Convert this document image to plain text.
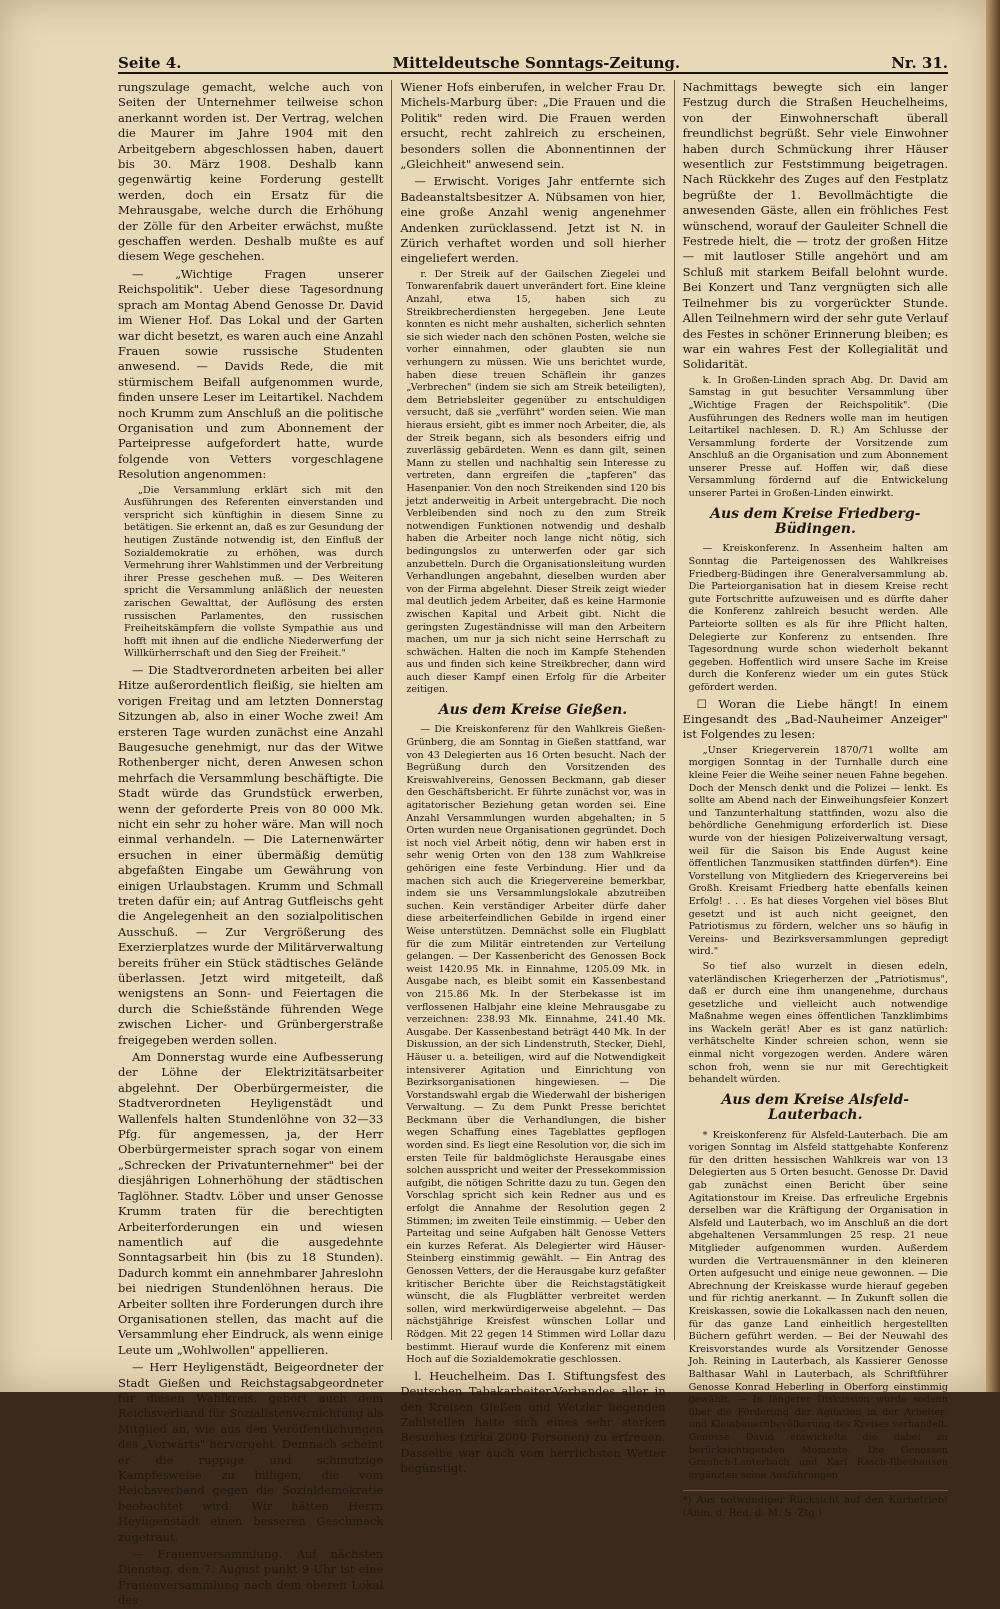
Seite 4.	Mitteldeutsche Sonntags-Zeitung.	Nr. 31.

rungszulage gemacht, welche auch von Seiten der Unternehmer teilweise schon anerkannt worden ist. Der Vertrag, welchen die Maurer im Jahre 1904 mit den Arbeitgebern abgeschlossen haben, dauert bis 30. März 1908. Deshalb kann gegenwärtig keine Forderung gestellt werden, doch ein Ersatz für die Mehrausgabe, welche durch die Erhöhung der Zölle für den Arbeiter erwächst, mußte geschaffen werden. Deshalb mußte es auf diesem Wege geschehen.

— „Wichtige Fragen unserer Reichspolitik". Ueber diese Tagesordnung sprach am Montag Abend Genosse Dr. David im Wiener Hof. Das Lokal und der Garten war dicht besetzt, es waren auch eine Anzahl Frauen sowie russische Studenten anwesend. — Davids Rede, die mit stürmischem Beifall aufgenommen wurde, finden unsere Leser im Leitartikel. Nachdem noch Krumm zum Anschluß an die politische Organisation und zum Abonnement der Parteipresse aufgefordert hatte, wurde folgende von Vetters vorgeschlagene Resolution angenommen:

„Die Versammlung erklärt sich mit den Ausführungen des Referenten einverstanden und verspricht sich künftighin in diesem Sinne zu betätigen. Sie erkennt an, daß es zur Gesundung der heutigen Zustände notwendig ist, den Einfluß der Sozialdemokratie zu erhöhen, was durch Vermehrung ihrer Wahlstimmen und der Verbreitung ihrer Presse geschehen muß. — Des Weiteren spricht die Versammlung anläßlich der neuesten zarischen Gewalttat, der Auflösung des ersten russischen Parlamentes, den russischen Freiheitskämpfern die vollste Sympathie aus und hofft mit ihnen auf die endliche Niederwerfung der Willkürherrschaft und den Sieg der Freiheit."

— Die Stadtverordneten arbeiten bei aller Hitze außerordentlich fleißig, sie hielten am vorigen Freitag und am letzten Donnerstag Sitzungen ab, also in einer Woche zwei! Am ersteren Tage wurden zunächst eine Anzahl Baugesuche genehmigt, nur das der Witwe Rothenberger nicht, deren Anwesen schon mehrfach die Versammlung beschäftigte. Die Stadt würde das Grundstück erwerben, wenn der geforderte Preis von 80 000 Mk. nicht ein sehr zu hoher wäre. Man will noch einmal verhandeln. — Die Laternenwärter ersuchen in einer übermäßig demütig abgefaßten Eingabe um Gewährung von einigen Urlaubstagen. Krumm und Schmall treten dafür ein; auf Antrag Gutfleischs geht die Angelegenheit an den sozialpolitischen Ausschuß. — Zur Vergrößerung des Exerzierplatzes wurde der Militärverwaltung bereits früher ein Stück städtisches Gelände überlassen. Jetzt wird mitgeteilt, daß wenigstens an Sonn- und Feiertagen die durch die Schießstände führenden Wege zwischen Licher- und Grünbergerstraße freigegeben werden sollen.

Am Donnerstag wurde eine Aufbesserung der Löhne der Elektrizitätsarbeiter abgelehnt. Der Oberbürgermeister, die Stadtverordneten Heyligenstädt und Wallenfels halten Stundenlöhne von 32—33 Pfg. für angemessen, ja, der Herr Oberbürgermeister sprach sogar von einem „Schrecken der Privatunternehmer" bei der diesjährigen Lohnerhöhung der städtischen Taglöhner. Stadtv. Löber und unser Genosse Krumm traten für die berechtigten Arbeiterforderungen ein und wiesen namentlich auf die ausgedehnte Sonntagsarbeit hin (bis zu 18 Stunden). Dadurch kommt ein annehmbarer Jahreslohn bei niedrigen Stundenlöhnen heraus. Die Arbeiter sollten ihre Forderungen durch ihre Organisationen stellen, das macht auf die Versammlung eher Eindruck, als wenn einige Leute um „Wohlwollen" appellieren.

— Herr Heyligenstädt, Beigeordneter der Stadt Gießen und Reichstagsabgeordneter für diesen Wahlkreis, gehört auch dem Reichsverband für Sozialistenvernichtung als Mitglied an, wie aus den Veröffentlichungen des „Vorwärts" hervorgeht. Demnach scheint er die ruppige und schmutzige Kampfesweise zu billigen, die vom Reichsverband gegen die Sozialdemokratie beobachtet wird. Wir hätten Herrn Heyligenstädt einen besseren Geschmack zugetraut.

— Frauenversammlung. Auf nächsten Dienstag, den 7. August punkt 9 Uhr ist eine Frauenversammlung nach dem oberen Lokal des

Wiener Hofs einberufen, in welcher Frau Dr. Michels-Marburg über: „Die Frauen und die Politik" reden wird. Die Frauen werden ersucht, recht zahlreich zu erscheinen, besonders sollen die Abonnentinnen der „Gleichheit" anwesend sein.

— Erwischt. Voriges Jahr entfernte sich Badeanstaltsbesitzer A. Nübsamen von hier, eine große Anzahl wenig angenehmer Andenken zurücklassend. Jetzt ist N. in Zürich verhaftet worden und soll hierher eingeliefert werden.

r. Der Streik auf der Gailschen Ziegelei und Tonwarenfabrik dauert unverändert fort. Eine kleine Anzahl, etwa 15, haben sich zu Streikbrecherdiensten hergegeben. Jene Leute konnten es nicht mehr aushalten, sicherlich sehnten sie sich wieder nach den schönen Posten, welche sie vorher einnahmen, oder glaubten sie nun verhungern zu müssen. Wie uns berichtet wurde, haben diese treuen Schäflein ihr ganzes „Verbrechen" (indem sie sich am Streik beteiligten), dem Betriebsleiter gegenüber zu entschuldigen versucht, daß sie „verführt" worden seien. Wie man hieraus ersieht, gibt es immer noch Arbeiter, die, als der Streik begann, sich als besonders eifrig und zuverlässig gebärdeten. Wenn es dann gilt, seinen Mann zu stellen und nachhaltig sein Interesse zu vertreten, dann ergreifen die „tapferen" das Hasenpanier. Von den noch Streikenden sind 120 bis jetzt anderweitig in Arbeit untergebracht. Die noch Verbleibenden sind noch zu den zum Streik notwendigen Funktionen notwendig und deshalb haben die Arbeiter noch lange nicht nötig, sich bedingungslos zu unterwerfen oder gar sich anzubetteln. Durch die Organisationsleitung wurden Verhandlungen angebahnt, dieselben wurden aber von der Firma abgelehnt. Dieser Streik zeigt wieder mal deutlich jedem Arbeiter, daß es keine Harmonie zwischen Kapital und Arbeit gibt. Nicht die geringsten Zugeständnisse will man den Arbeitern machen, um nur ja sich nicht seine Herrschaft zu schwächen. Halten die noch im Kampfe Stehenden aus und finden sich keine Streikbrecher, dann wird auch dieser Kampf einen Erfolg für die Arbeiter zeitigen.

Aus dem Kreise Gießen.

— Die Kreiskonferenz für den Wahlkreis Gießen-Grünberg, die am Sonntag in Gießen stattfand, war von 43 Delegierten aus 16 Orten besucht. Nach der Begrüßung durch den Vorsitzenden des Kreiswahlvereins, Genossen Beckmann, gab dieser den Geschäftsbericht. Er führte zunächst vor, was in agitatorischer Beziehung getan worden sei. Eine Anzahl Versammlungen wurden abgehalten; in 5 Orten wurden neue Organisationen gegründet. Doch ist noch viel Arbeit nötig, denn wir haben erst in sehr wenig Orten von den 138 zum Wahlkreise gehörigen eine feste Verbindung. Hier und da machen sich auch die Kriegervereine bemerkbar, indem sie uns Versammlungslokale abzutreiben suchen. Kein verständiger Arbeiter dürfe daher diese arbeiterfeindlichen Gebilde in irgend einer Weise unterstützen. Demnächst solle ein Flugblatt für die zum Militär eintretenden zur Verteilung gelangen. — Der Kassenbericht des Genossen Bock weist 1420.95 Mk. in Einnahme, 1205.09 Mk. in Ausgabe nach, es bleibt somit ein Kassenbestand von 215.86 Mk. In der Sterbekasse ist im verflossenen Halbjahr eine kleine Mehrausgabe zu verzeichnen: 238.93 Mk. Einnahme, 241.40 Mk. Ausgabe. Der Kassenbestand beträgt 440 Mk. In der Diskussion, an der sich Lindenstruth, Stecker, Diehl, Häuser u. a. beteiligen, wird auf die Notwendigkeit intensiverer Agitation und Einrichtung von Bezirksorganisationen hingewiesen. — Die Vorstandswahl ergab die Wiederwahl der bisherigen Verwaltung. — Zu dem Punkt Presse berichtet Beckmann über die Verhandlungen, die bisher wegen Schaffung eines Tageblattes gepflogen worden sind. Es liegt eine Resolution vor, die sich im ersten Teile für baldmöglichste Herausgabe eines solchen ausspricht und weiter der Pressekommission aufgibt, die nötigen Schritte dazu zu tun. Gegen den Vorschlag spricht sich kein Redner aus und es erfolgt die Annahme der Resolution gegen 2 Stimmen; im zweiten Teile einstimmig. — Ueber den Parteitag und seine Aufgaben hält Genosse Vetters ein kurzes Referat. Als Delegierter wird Häuser-Steinberg einstimmig gewählt. — Ein Antrag des Genossen Vetters, der die Herausgabe kurz gefaßter kritischer Berichte über die Reichstagstätigkeit wünscht, die als Flugblätter verbreitet werden sollen, wird merkwürdigerweise abgelehnt. — Das nächstjährige Kreisfest wünschen Lollar und Rödgen. Mit 22 gegen 14 Stimmen wird Lollar dazu bestimmt. Hierauf wurde die Konferenz mit einem Hoch auf die Sozialdemokratie geschlossen.

l. Heuchelheim. Das I. Stiftungsfest des Deutschen Tabakarbeiter-Verbandes aller in den Kreisen Gießen und Wetzlar liegenden Zahlstellen hatte sich eines sehr starken Besuches (zirka 2000 Personen) zu erfreuen. Dasselbe war auch vom herrlichsten Wetter begünstigt.

Nachmittags bewegte sich ein langer Festzug durch die Straßen Heuchelheims, von der Einwohnerschaft überall freundlichst begrüßt. Sehr viele Einwohner haben durch Schmückung ihrer Häuser wesentlich zur Feststimmung beigetragen. Nach Rückkehr des Zuges auf den Festplatz begrüßte der 1. Bevollmächtigte die anwesenden Gäste, allen ein fröhliches Fest wünschend, worauf der Gauleiter Schnell die Festrede hielt, die — trotz der großen Hitze — mit lautloser Stille angehört und am Schluß mit starkem Beifall belohnt wurde. Bei Konzert und Tanz vergnügten sich alle Teilnehmer bis zu vorgerückter Stunde. Allen Teilnehmern wird der sehr gute Verlauf des Festes in schöner Erinnerung bleiben; es war ein wahres Fest der Kollegialität und Solidarität.

k. In Großen-Linden sprach Abg. Dr. David am Samstag in gut besuchter Versammlung über „Wichtige Fragen der Reichspolitik". (Die Ausführungen des Redners wolle man im heutigen Leitartikel nachlesen. D. R.) Am Schlusse der Versammlung forderte der Vorsitzende zum Anschluß an die Organisation und zum Abonnement unserer Presse auf. Hoffen wir, daß diese Versammlung fördernd auf die Entwickelung unserer Partei in Großen-Linden einwirkt.

Aus dem Kreise Friedberg-Büdingen.

— Kreiskonferenz. In Assenheim halten am Sonntag die Parteigenossen des Wahlkreises Friedberg-Büdingen ihre Generalversammlung ab. Die Parteiorganisation hat in diesem Kreise recht gute Fortschritte aufzuweisen und es dürfte daher die Konferenz zahlreich besucht werden. Alle Parteiorte sollten es als für ihre Pflicht halten, Delegierte zur Konferenz zu entsenden. Ihre Tagesordnung wurde schon wiederholt bekannt gegeben. Hoffentlich wird unsere Sache im Kreise durch die Konferenz wieder um ein gutes Stück gefördert werden.

☐ Woran die Liebe hängt! In einem Eingesandt des „Bad-Nauheimer Anzeiger" ist Folgendes zu lesen:

„Unser Kriegerverein 1870/71 wollte am morgigen Sonntag in der Turnhalle durch eine kleine Feier die Weihe seiner neuen Fahne begehen. Doch der Mensch denkt und die Polizei — lenkt. Es sollte am Abend nach der Einweihungsfeier Konzert und Tanzunterhaltung stattfinden, wozu also die behördliche Genehmigung erforderlich ist. Diese wurde von der hiesigen Polizeiverwaltung versagt, weil für die Saison bis Ende August keine öffentlichen Tanzmusiken stattfinden dürfen*). Eine Vorstellung von Mitgliedern des Kriegervereins bei Großh. Kreisamt Friedberg hatte ebenfalls keinen Erfolg! . . . Es hat dieses Vorgehen viel böses Blut gesetzt und ist auch nicht geeignet, den Patriotismus zu fördern, welcher uns so häufig in Vereins- und Bezirksversammlungen gepredigt wird."

So tief also wurzelt in diesen edeln, vaterländischen Kriegerherzen der „Patriotismus", daß er durch eine ihm unangenehme, durchaus gesetzliche und vielleicht auch notwendige Maßnahme wegen eines öffentlichen Tanzklimbims ins Wackeln gerät! Aber es ist ganz natürlich: verhätschelte Kinder schreien schon, wenn sie einmal nicht vorgezogen werden. Andere wären schon froh, wenn sie nur mit Gerechtigkeit behandelt würden.

Aus dem Kreise Alsfeld-Lauterbach.

* Kreiskonferenz für Alsfeld-Lauterbach. Die am vorigen Sonntag im Alsfeld stattgehabte Konferenz für den dritten hessischen Wahlkreis war von 13 Delegierten aus 5 Orten besucht. Genosse Dr. David gab zunächst einen Bericht über seine Agitationstour im Kreise. Das erfreuliche Ergebnis derselben war die Kräftigung der Organisation in Alsfeld und Lauterbach, wo im Anschluß an die dort abgehaltenen Versammlungen 25 resp. 21 neue Mitglieder aufgenommen wurden. Außerdem wurden die Vertrauensmänner in den kleineren Orten aufgesucht und einige neue gewonnen. — Die Abrechnung der Kreiskasse wurde hierauf gegeben und für richtig anerkannt. — In Zukunft sollen die Kreiskassen, sowie die Lokalkassen nach den neuen, für das ganze Land einheitlich hergestellten Büchern geführt werden. — Bei der Neuwahl des Kreisvorstandes wurde als Vorsitzender Genosse Joh. Reining in Lauterbach, als Kassierer Genosse Balthasar Wahl in Lauterbach, als Schriftführer Genosse Konrad Heberling in Oberforg einstimmig gewählt. — In längerer Diskussion wurde sodann über die Förderung der Agitation in der Arbeiter- und Kleinbauernbevölkerung des Kreises verhandelt. Genosse David entwickelte die dabei zu berücksichtigenden Momente. Die Genossen Graulich-Lauterbach und Karl Rasch-Ilbeshausen ergänzten seine Ausführungen

*) Aus notwendiger Rücksicht auf den Kurbetrieb! (Anm. d. Red. d. M. S.-Ztg.)
